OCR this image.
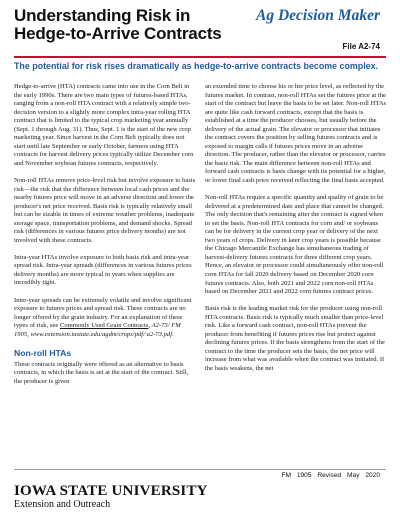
Understanding Risk in
Hedge-to-Arrive Contracts
Ag Decision Maker
File A2-74
The potential for risk rises dramatically as hedge-to-arrive contracts become complex.

Hedge-to-arrive (HTA) contracts came into use in the Corn Belt in the early 1990s. There are two main types of futures-based HTAs, ranging from a non-roll HTA contract with a relatively simple two-decision version to a slightly more complex intra-year rolling HTA contract that is limited to the typical crop marketing year annually (Sept. 1 through Aug. 31). Thus, Sept. 1 is the start of the new crop marketing year. Since harvest in the Corn Belt typically does not start until late September or early October, farmers using HTA contracts for harvest delivery prices typically utilize December corn and November soybean futures contracts, respectively.

Non-roll HTAs remove price-level risk but involve exposure to basis risk—the risk that the difference between local cash prices and the nearby futures price will move in an adverse direction and lower the producer's net price received. Basis risk is typically relatively small but can be sizable in times of extreme weather problems, inadequate storage space, transportation problems, and demand shocks. Spread risk (differences in various futures price delivery months) are not involved with these contracts.

Intra-year HTAs involve exposure to both basis risk and intra-year spread risk. Intra-year spreads (differences in various futures prices delivery months) are more typical in years when supplies are incredibly tight.

Inter-year spreads can be extremely volatile and involve significant exposure to futures prices and spread risk. These contracts are no longer offered by the grain industry. For an explanation of these types of risk, see Commonly Used Grain Contracts, A2-73/ FM 1905, www.extension.iastate.edu/agdm/crops/pdf/ a2-73.pdf.

Non-roll HTAs

These contracts originally were offered as an alternative to basis contracts, in which the basis is set at the start of the contract. Still, the producer is given

an extended time to choose his or her price level, as reflected by the futures market. In contrast, non-roll HTAs set the futures price at the start of the contract but leave the basis to be set later. Non-roll HTAs are quite like cash forward contracts, except that the basis is established at a time the producer chooses, but usually before the delivery of the actual grain. The elevator or processor that initiates the contract covers the position by selling futures contracts and is exposed to margin calls if futures prices move in an adverse direction. The producer, rather than the elevator or processor, carries the basis risk. The main difference between non-roll HTAs and forward cash contracts is basis change with its potential for a higher, or lower final cash price received reflecting the final basis accepted.

Non-roll HTAs require a specific quantity and quality of grain to be delivered at a predetermined date and place that cannot be changed. The only decision that's remaining after the contract is signed when to set the basis. Non-roll HTA contracts for corn and/ or soybeans can be for delivery in the current crop year or delivery of the next two years of crops. Delivery in later crop years is possible because the Chicago Mercantile Exchange has simultaneous trading of harvest-delivery futures contracts for three different crop years. Hence, an elevator or processor could simultaneously offer non-roll corn HTAs for fall 2020 delivery based on December 2020 corn futures contracts. Also, both 2021 and 2022 corn non-roll HTAs based on December 2021 and 2022 corn futures contract prices.

Basis risk is the leading market risk for the producer using non-roll HTA contracts. Basis risk is typically much smaller than price-level risk. Like a forward cash contract, non-roll HTAs prevent the producer from benefiting if futures prices rise but protect against declining futures prices. If the basis strengthens from the start of the contract to the time the producer sets the basis, the net price will increase from what was available when the contract was initiated. If the basis weakens, the net

FM 1905 Revised May 2020
IOWA STATE UNIVERSITY
Extension and Outreach
